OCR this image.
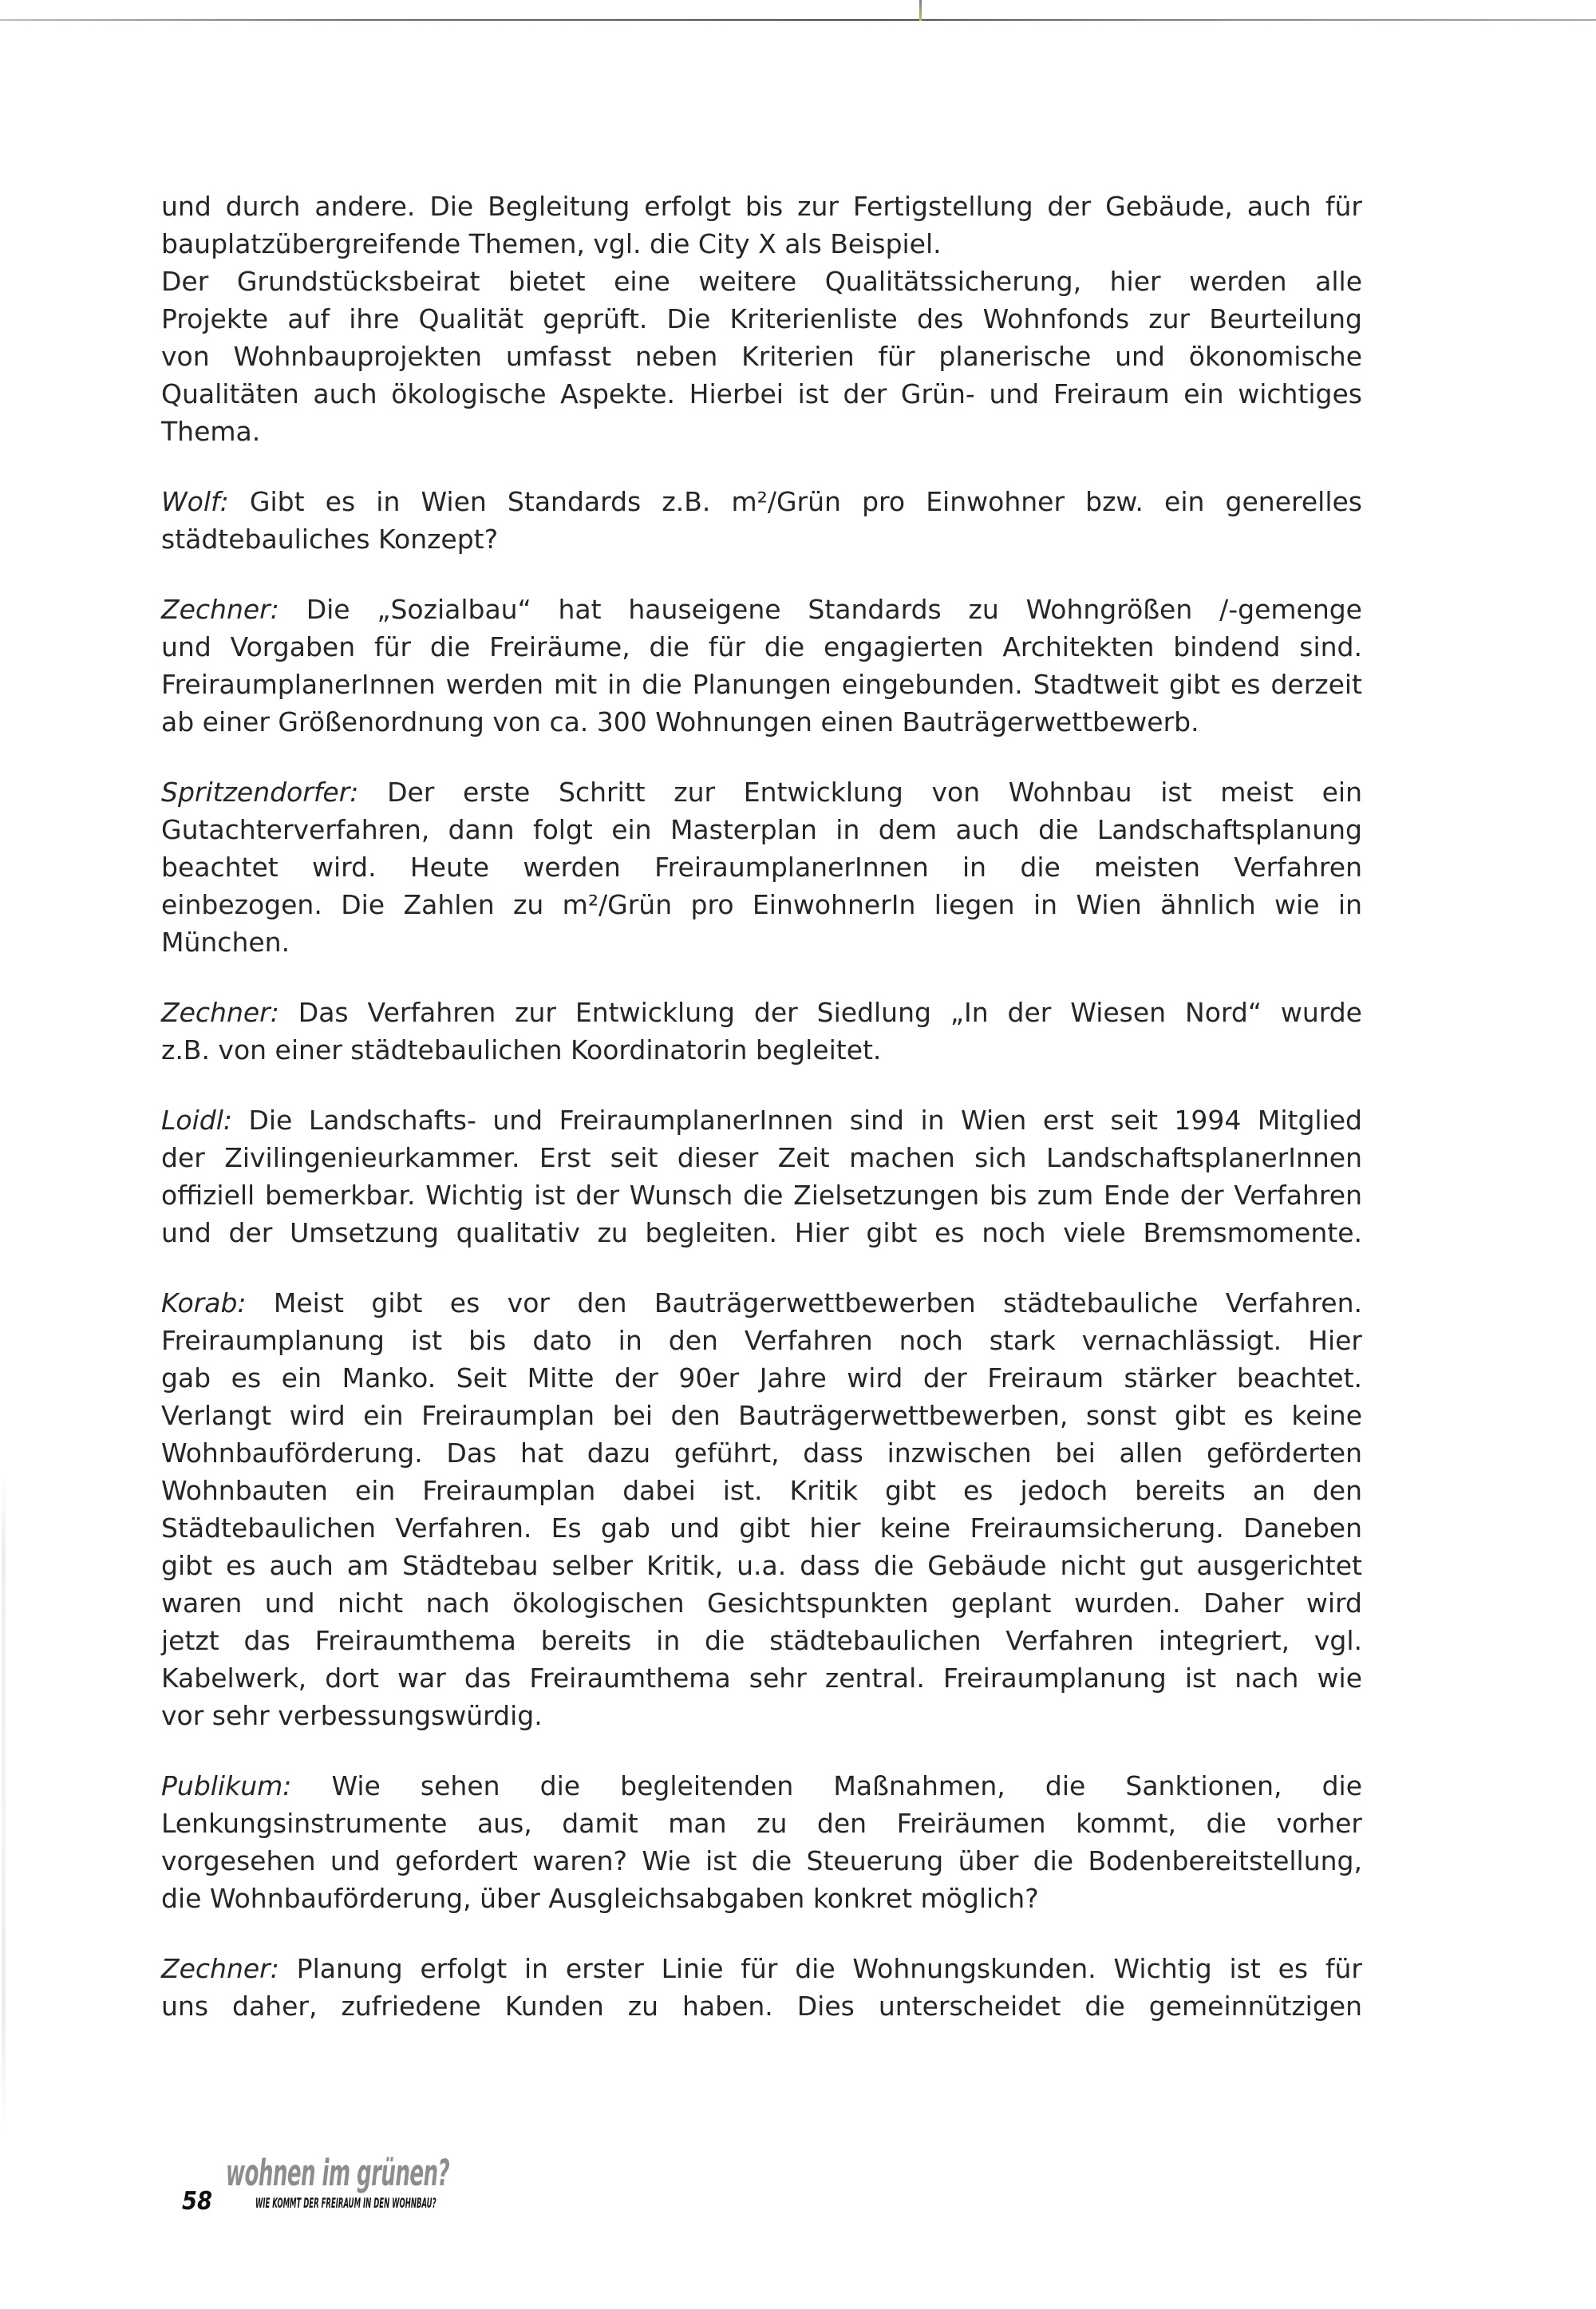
und durch andere. Die Begleitung erfolgt bis zur Fertigstellung der Gebäude, auch für
bauplatzübergreifende Themen, vgl. die City X als Beispiel.
Der Grundstücksbeirat bietet eine weitere Qualitätssicherung, hier werden alle
Projekte auf ihre Qualität geprüft. Die Kriterienliste des Wohnfonds zur Beurteilung
von Wohnbauprojekten umfasst neben Kriterien für planerische und ökonomische
Qualitäten auch ökologische Aspekte. Hierbei ist der Grün- und Freiraum ein wichtiges
Thema.
Wolf: Gibt es in Wien Standards z.B. m²/Grün pro Einwohner bzw. ein generelles
städtebauliches Konzept?
Zechner: Die „Sozialbau“ hat hauseigene Standards zu Wohngrößen /-gemenge
und Vorgaben für die Freiräume, die für die engagierten Architekten bindend sind.
FreiraumplanerInnen werden mit in die Planungen eingebunden. Stadtweit gibt es derzeit
ab einer Größenordnung von ca. 300 Wohnungen einen Bauträgerwettbewerb.
Spritzendorfer: Der erste Schritt zur Entwicklung von Wohnbau ist meist ein
Gutachterverfahren, dann folgt ein Masterplan in dem auch die Landschaftsplanung
beachtet wird. Heute werden FreiraumplanerInnen in die meisten Verfahren
einbezogen. Die Zahlen zu m²/Grün pro EinwohnerIn liegen in Wien ähnlich wie in
München.
Zechner: Das Verfahren zur Entwicklung der Siedlung „In der Wiesen Nord“ wurde
z.B. von einer städtebaulichen Koordinatorin begleitet.
Loidl: Die Landschafts- und FreiraumplanerInnen sind in Wien erst seit 1994 Mitglied
der Zivilingenieurkammer. Erst seit dieser Zeit machen sich LandschaftsplanerInnen
offiziell bemerkbar. Wichtig ist der Wunsch die Zielsetzungen bis zum Ende der Verfahren
und der Umsetzung qualitativ zu begleiten. Hier gibt es noch viele Bremsmomente.
Korab: Meist gibt es vor den Bauträgerwettbewerben städtebauliche Verfahren.
Freiraumplanung ist bis dato in den Verfahren noch stark vernachlässigt. Hier
gab es ein Manko. Seit Mitte der 90er Jahre wird der Freiraum stärker beachtet.
Verlangt wird ein Freiraumplan bei den Bauträgerwettbewerben, sonst gibt es keine
Wohnbauförderung. Das hat dazu geführt, dass inzwischen bei allen geförderten
Wohnbauten ein Freiraumplan dabei ist. Kritik gibt es jedoch bereits an den
Städtebaulichen Verfahren. Es gab und gibt hier keine Freiraumsicherung. Daneben
gibt es auch am Städtebau selber Kritik, u.a. dass die Gebäude nicht gut ausgerichtet
waren und nicht nach ökologischen Gesichtspunkten geplant wurden. Daher wird
jetzt das Freiraumthema bereits in die städtebaulichen Verfahren integriert, vgl.
Kabelwerk, dort war das Freiraumthema sehr zentral. Freiraumplanung ist nach wie
vor sehr verbessungswürdig.
Publikum: Wie sehen die begleitenden Maßnahmen, die Sanktionen, die
Lenkungsinstrumente aus, damit man zu den Freiräumen kommt, die vorher
vorgesehen und gefordert waren? Wie ist die Steuerung über die Bodenbereitstellung,
die Wohnbauförderung, über Ausgleichsabgaben konkret möglich?
Zechner: Planung erfolgt in erster Linie für die Wohnungskunden. Wichtig ist es für
uns daher, zufriedene Kunden zu haben. Dies unterscheidet die gemeinnützigen
58
wohnen im grünen?
WIE KOMMT DER FREIRAUM IN DEN WOHNBAU?
